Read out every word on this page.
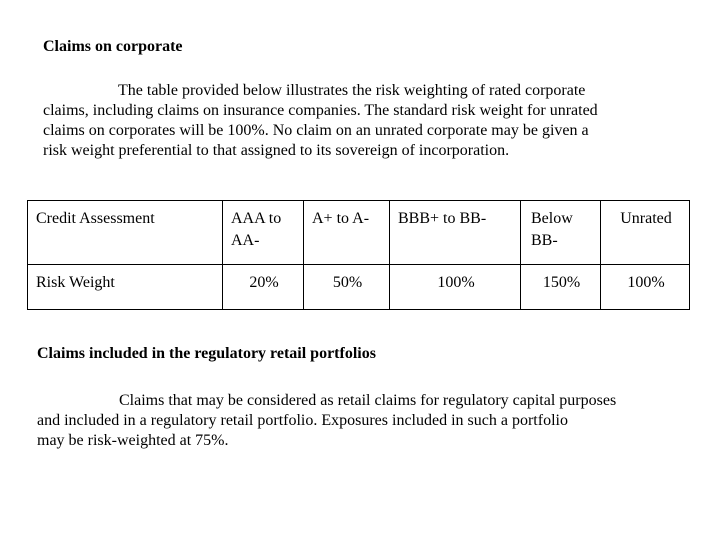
Claims on corporate
The table provided below illustrates the risk weighting of rated corporate
claims, including claims on insurance companies. The standard risk weight for unrated
claims on corporates will be 100%. No claim on an unrated corporate may be given a
risk weight preferential to that assigned to its sovereign of incorporation.
Credit Assessment	AAA to AA-	A+ to A-	BBB+ to BB-	Below BB-	Unrated
Risk Weight	20%	50%	100%	150%	100%
Claims included in the regulatory retail portfolios
Claims that may be considered as retail claims for regulatory capital purposes
and included in a regulatory retail portfolio. Exposures included in such a portfolio
may be risk-weighted at 75%.
